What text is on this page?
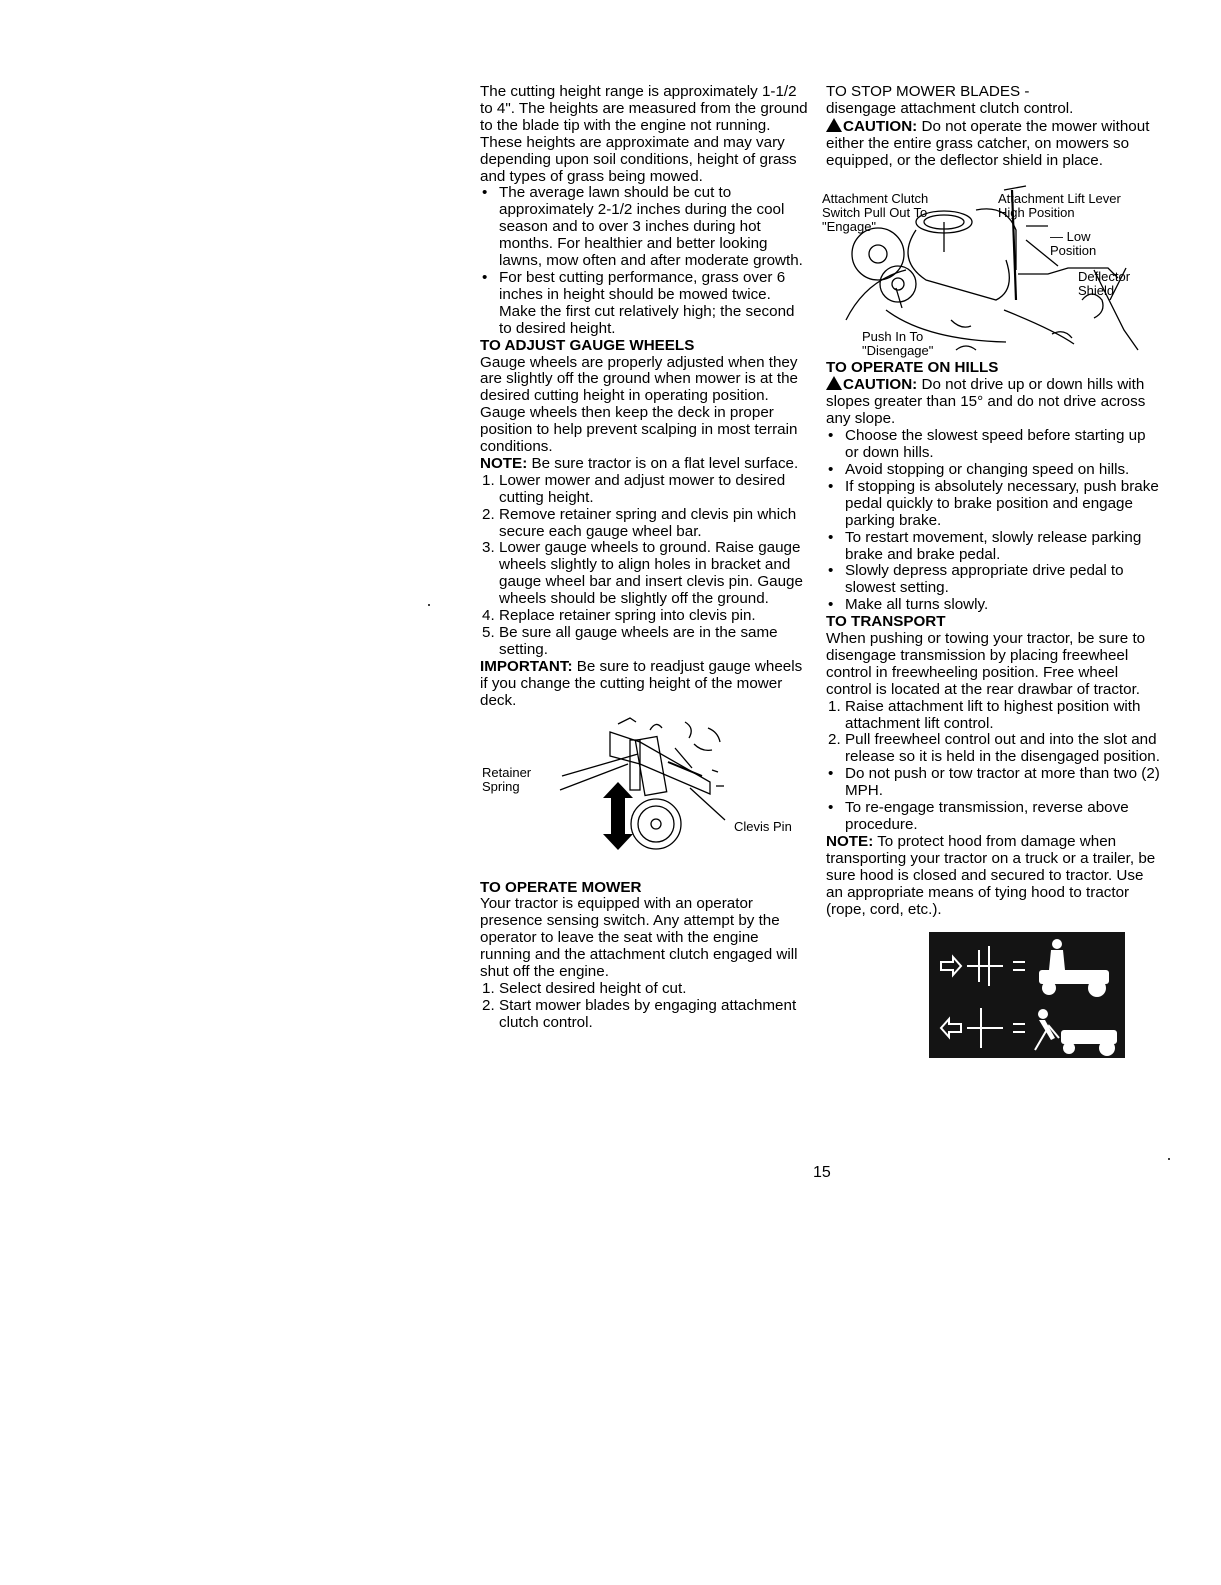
The cutting height range is approximately 1-1/2 to 4". The heights are measured from the ground to the blade tip with the engine not running. These heights are approximate and may vary depending upon soil conditions, height of grass and types of grass being mowed.

• The average lawn should be cut to approximately 2-1/2 inches during the cool season and to over 3 inches during hot months. For healthier and better looking lawns, mow often and after moderate growth.
• For best cutting performance, grass over 6 inches in height should be mowed twice. Make the first cut relatively high; the second to desired height.

TO ADJUST GAUGE WHEELS

Gauge wheels are properly adjusted when they are slightly off the ground when mower is at the desired cutting height in operating position. Gauge wheels then keep the deck in proper position to help prevent scalping in most terrain conditions.

NOTE: Be sure tractor is on a flat level surface.

1. Lower mower and adjust mower to desired cutting height.
2. Remove retainer spring and clevis pin which secure each gauge wheel bar.
3. Lower gauge wheels to ground. Raise gauge wheels slightly to align holes in bracket and gauge wheel bar and insert clevis pin. Gauge wheels should be slightly off the ground.
4. Replace retainer spring into clevis pin.
5. Be sure all gauge wheels are in the same setting.

IMPORTANT: Be sure to readjust gauge wheels if you change the cutting height of the mower deck.

Retainer Spring
Clevis Pin

TO OPERATE MOWER

Your tractor is equipped with an operator presence sensing switch. Any attempt by the operator to leave the seat with the engine running and the attachment clutch engaged will shut off the engine.

1. Select desired height of cut.
2. Start mower blades by engaging attachment clutch control.

TO STOP MOWER BLADES -

disengage attachment clutch control.

CAUTION: Do not operate the mower without either the entire grass catcher, on mowers so equipped, or the deflector shield in place.

Attachment Clutch Switch Pull Out To "Engage"
Attachment Lift Lever High Position
— Low Position
Deflector Shield
Push In To "Disengage"

TO OPERATE ON HILLS

CAUTION: Do not drive up or down hills with slopes greater than 15° and do not drive across any slope.

• Choose the slowest speed before starting up or down hills.
• Avoid stopping or changing speed on hills.
• If stopping is absolutely necessary, push brake pedal quickly to brake position and engage parking brake.
• To restart movement, slowly release parking brake and brake pedal.
• Slowly depress appropriate drive pedal to slowest setting.
• Make all turns slowly.

TO TRANSPORT

When pushing or towing your tractor, be sure to disengage transmission by placing freewheel control in freewheeling position. Free wheel control is located at the rear drawbar of tractor.

1. Raise attachment lift to highest position with attachment lift control.
2. Pull freewheel control out and into the slot and release so it is held in the disengaged position.
• Do not push or tow tractor at more than two (2) MPH.
• To re-engage transmission, reverse above procedure.

NOTE: To protect hood from damage when transporting your tractor on a truck or a trailer, be sure hood is closed and secured to tractor. Use an appropriate means of tying hood to tractor (rope, cord, etc.).

15
